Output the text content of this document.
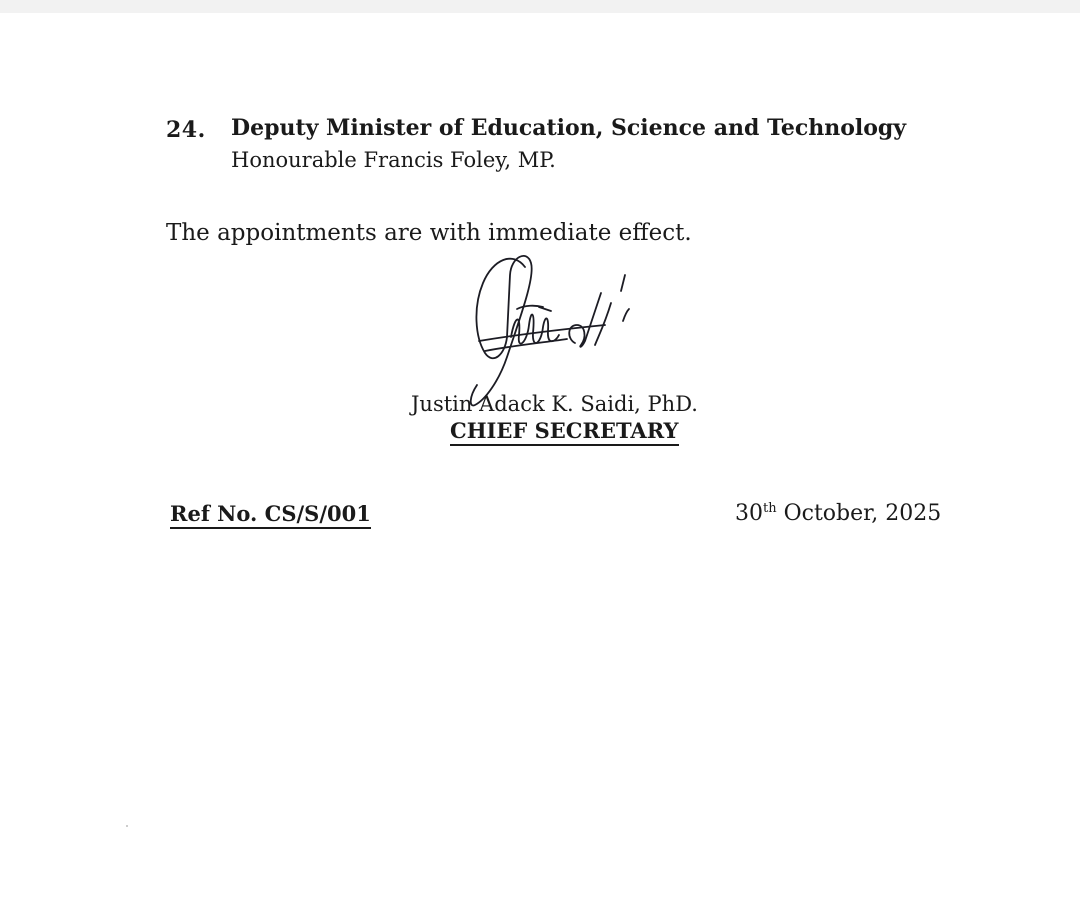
24. Deputy Minister of Education, Science and Technology
Honourable Francis Foley, MP.
The appointments are with immediate effect.
Justin Adack K. Saidi, PhD.
CHIEF SECRETARY
Ref No. CS/S/001	30th October, 2025
